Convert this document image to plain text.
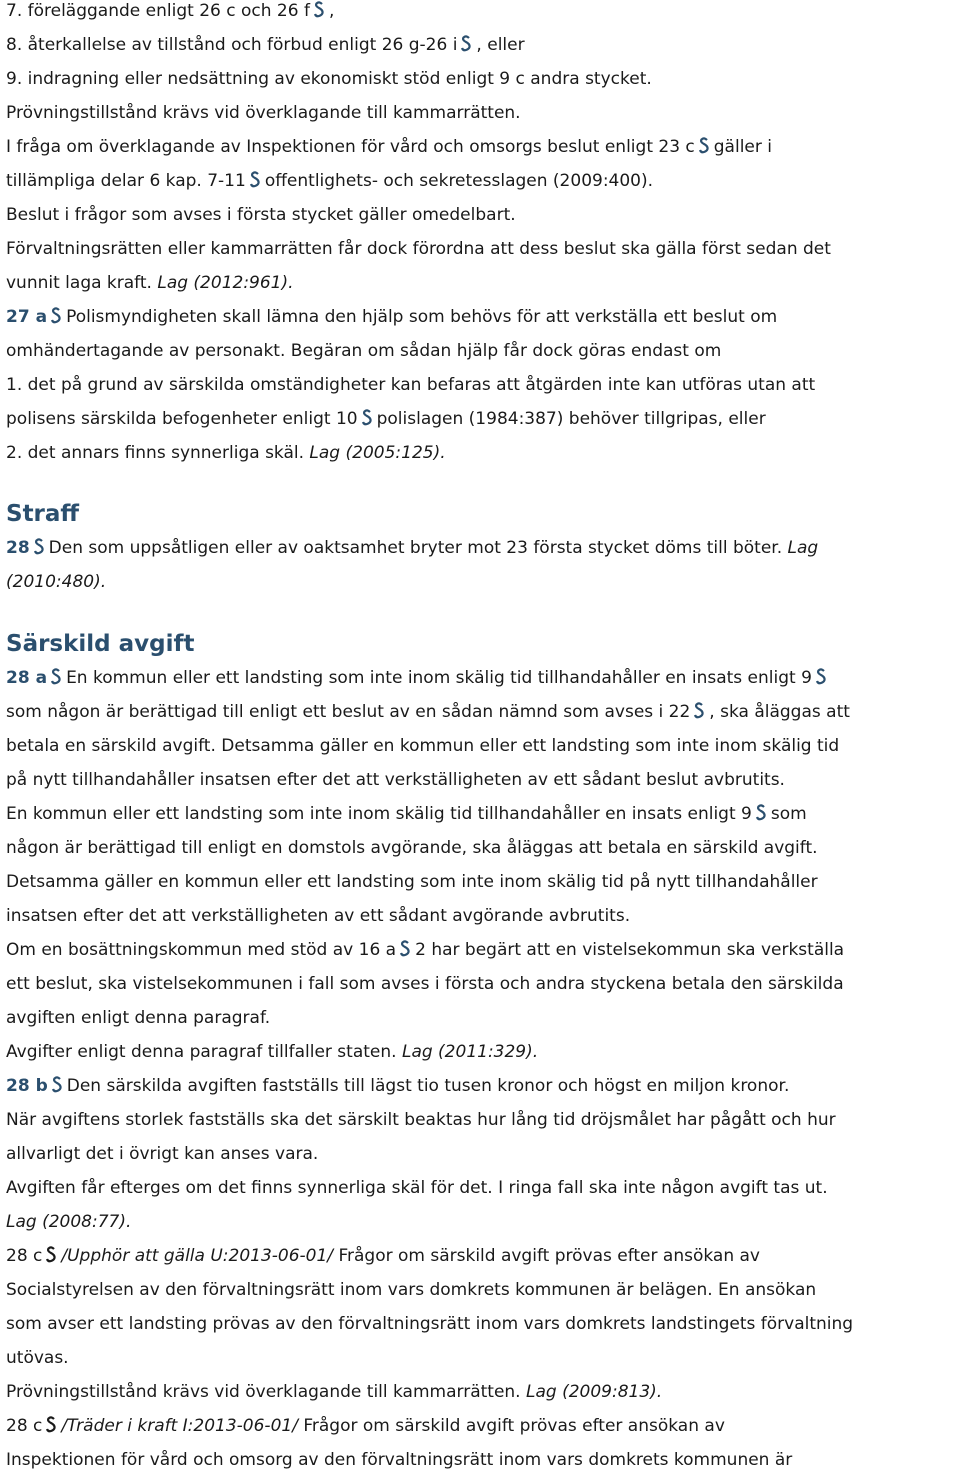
7. föreläggande enligt 26 c och 26 f ,

8. återkallelse av tillstånd och förbud enligt 26 g-26 i , eller

9. indragning eller nedsättning av ekonomiskt stöd enligt 9 c andra stycket.

Prövningstillstånd krävs vid överklagande till kammarrätten.

I fråga om överklagande av Inspektionen för vård och omsorgs beslut enligt 23 c gäller i

tillämpliga delar 6 kap. 7-11 offentlighets- och sekretesslagen (2009:400).

Beslut i frågor som avses i första stycket gäller omedelbart.

Förvaltningsrätten eller kammarrätten får dock förordna att dess beslut ska gälla först sedan det

vunnit laga kraft. Lag (2012:961).

27 a Polismyndigheten skall lämna den hjälp som behövs för att verkställa ett beslut om

omhändertagande av personakt. Begäran om sådan hjälp får dock göras endast om

1. det på grund av särskilda omständigheter kan befaras att åtgärden inte kan utföras utan att

polisens särskilda befogenheter enligt 10 polislagen (1984:387) behöver tillgripas, eller

2. det annars finns synnerliga skäl. Lag (2005:125).

Straff

28 Den som uppsåtligen eller av oaktsamhet bryter mot 23 första stycket döms till böter. Lag

(2010:480).

Särskild avgift

28 a En kommun eller ett landsting som inte inom skälig tid tillhandahåller en insats enligt 9

som någon är berättigad till enligt ett beslut av en sådan nämnd som avses i 22 , ska åläggas att

betala en särskild avgift. Detsamma gäller en kommun eller ett landsting som inte inom skälig tid

på nytt tillhandahåller insatsen efter det att verkställigheten av ett sådant beslut avbrutits.

En kommun eller ett landsting som inte inom skälig tid tillhandahåller en insats enligt 9 som

någon är berättigad till enligt en domstols avgörande, ska åläggas att betala en särskild avgift.

Detsamma gäller en kommun eller ett landsting som inte inom skälig tid på nytt tillhandahåller

insatsen efter det att verkställigheten av ett sådant avgörande avbrutits.

Om en bosättningskommun med stöd av 16 a 2 har begärt att en vistelsekommun ska verkställa

ett beslut, ska vistelsekommunen i fall som avses i första och andra styckena betala den särskilda

avgiften enligt denna paragraf.

Avgifter enligt denna paragraf tillfaller staten. Lag (2011:329).

28 b Den särskilda avgiften fastställs till lägst tio tusen kronor och högst en miljon kronor.

När avgiftens storlek fastställs ska det särskilt beaktas hur lång tid dröjsmålet har pågått och hur

allvarligt det i övrigt kan anses vara.

Avgiften får efterges om det finns synnerliga skäl för det. I ringa fall ska inte någon avgift tas ut.

Lag (2008:77).

28 c /Upphör att gälla U:2013-06-01/ Frågor om särskild avgift prövas efter ansökan av

Socialstyrelsen av den förvaltningsrätt inom vars domkrets kommunen är belägen. En ansökan

som avser ett landsting prövas av den förvaltningsrätt inom vars domkrets landstingets förvaltning

utövas.

Prövningstillstånd krävs vid överklagande till kammarrätten. Lag (2009:813).

28 c /Träder i kraft I:2013-06-01/ Frågor om särskild avgift prövas efter ansökan av

Inspektionen för vård och omsorg av den förvaltningsrätt inom vars domkrets kommunen är
